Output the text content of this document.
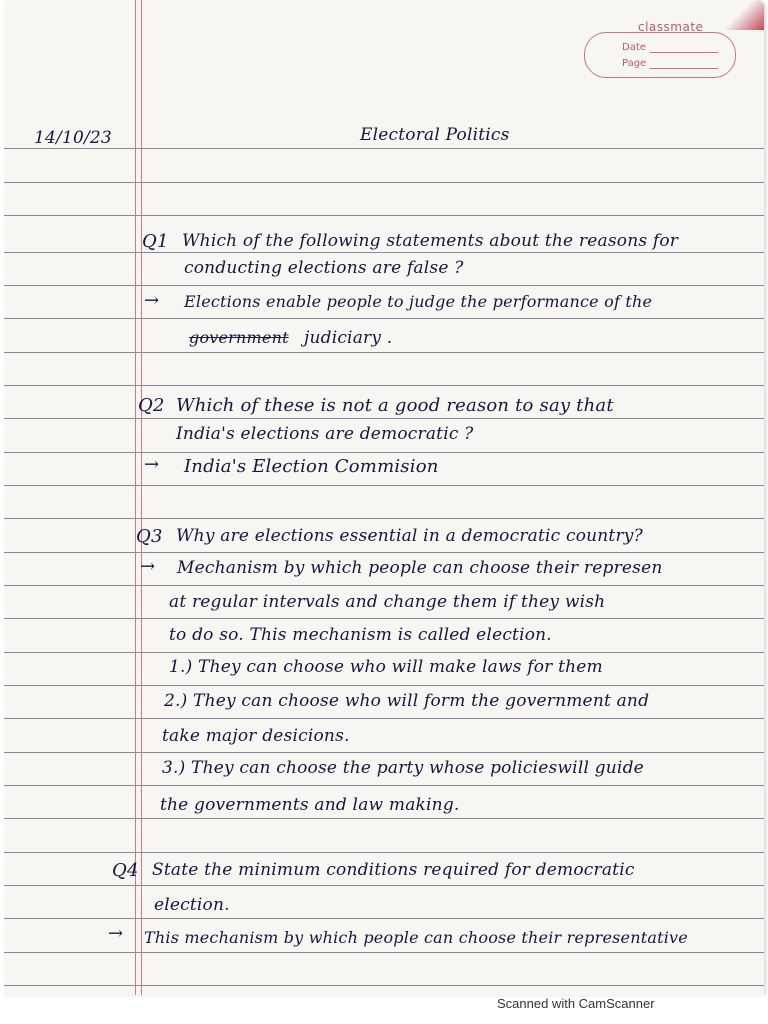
classmate
Date
Page
14/10/23	Electoral Politics
Q1 Which of the following statements about the reasons for
conducting elections are false ?
→ Elections enable people to judge the performance of the
government judiciary .
Q2 Which of these is not a good reason to say that
India's elections are democratic ?
→ India's Election Commision
Q3 Why are elections essential in a democratic country?
→ Mechanism by which people can choose their represen
at regular intervals and change them if they wish
to do so. This mechanism is called election.
1.) They can choose who will make laws for them
2.) They can choose who will form the government and
take major desicions.
3.) They can choose the party whose policieswill guide
the governments and law making.
Q4 State the minimum conditions required for democratic
election.
→ This mechanism by which people can choose their representative
Scanned with CamScanner
